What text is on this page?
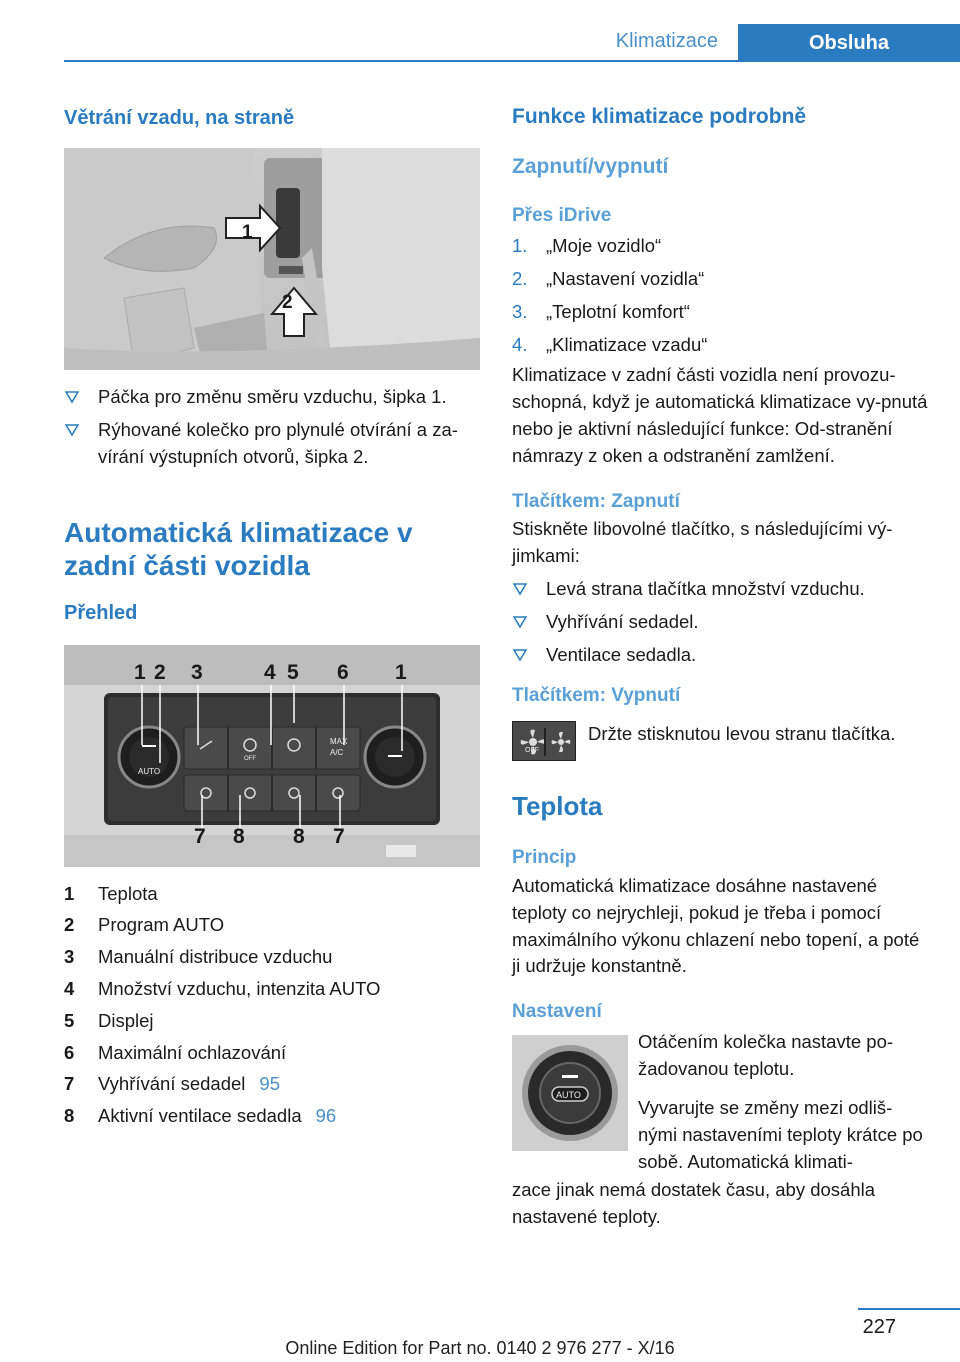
Klimatizace	Obsluha
Větrání vzadu, na straně
1
2
Páčka pro změnu směru vzduchu, šipka 1.
Rýhované kolečko pro plynulé otvírání a za-vírání výstupních otvorů, šipka 2.
Automatická klimatizace v zadní části vozidla
Přehled
1 2 3	4 5 6 1
7 8 8 7
AUTO
OFF
MAX
A/C
1	Teplota
2	Program AUTO
3	Manuální distribuce vzduchu
4	Množství vzduchu, intenzita AUTO
5	Displej
6	Maximální ochlazování
7	Vyhřívání sedadel 95
8	Aktivní ventilace sedadla 96
Funkce klimatizace podrobně
Zapnutí/vypnutí
Přes iDrive
1.	„Moje vozidlo“
2.	„Nastavení vozidla“
3.	„Teplotní komfort“
4.	„Klimatizace vzadu“

Klimatizace v zadní části vozidla není provozu-schopná, když je automatická klimatizace vy-pnutá nebo je aktivní následující funkce: Od-stranění námrazy z oken a odstranění zamlžení.

Tlačítkem: Zapnutí

Stiskněte libovolné tlačítko, s následujícími vý-jimkami:

Levá strana tlačítka množství vzduchu.
Vyhřívání sedadel.
Ventilace sedadla.
Tlačítkem: Vypnutí
OFF

Držte stisknutou levou stranu tlačítka.

Teplota
Princip

Automatická klimatizace dosáhne nastavené teploty co nejrychleji, pokud je třeba i pomocí maximálního výkonu chlazení nebo topení, a poté ji udržuje konstantně.

Nastavení
AUTO

Otáčením kolečka nastavte po-žadovanou teplotu.

Vyvarujte se změny mezi odliš-nými nastaveními teploty krátce po sobě. Automatická klimati-

zace jinak nemá dostatek času, aby dosáhla nastavené teploty.

227
Online Edition for Part no. 0140 2 976 277 - X/16
